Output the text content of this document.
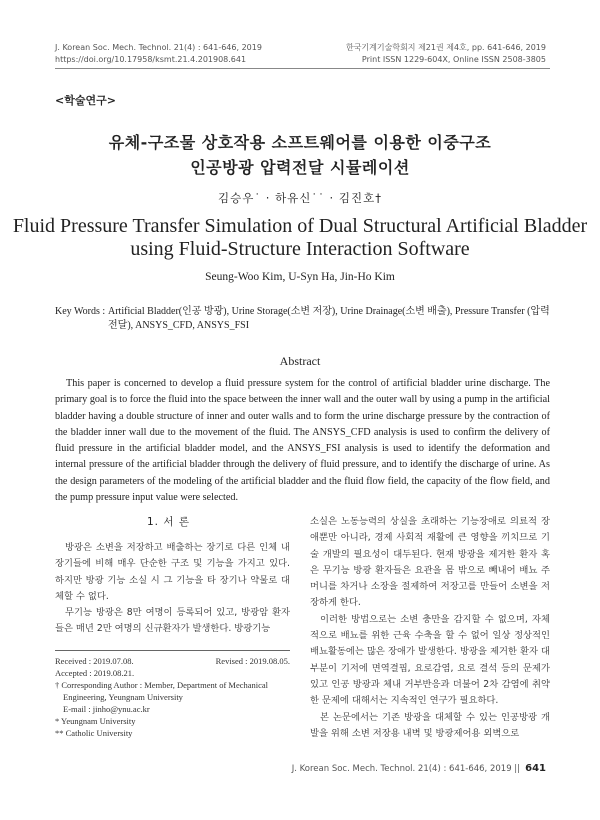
J. Korean Soc. Mech. Technol. 21(4) : 641-646, 2019
https://doi.org/10.17958/ksmt.21.4.201908.641
한국기계기술학회지 제21권 제4호, pp. 641-646, 2019
Print ISSN 1229-604X, Online ISSN 2508-3805
<학술연구>
유체-구조물 상호작용 소프트웨어를 이용한 이중구조
인공방광 압력전달 시뮬레이션
김승우˙ · 하유신˙˙ · 김진호†
Fluid Pressure Transfer Simulation of Dual Structural Artificial Bladder
using Fluid-Structure Interaction Software
Seung-Woo Kim, U-Syn Ha, Jin-Ho Kim
Key Words : Artificial Bladder(인공 방광), Urine Storage(소변 저장), Urine Drainage(소변 배출), Pressure Transfer (압력 전달), ANSYS_CFD, ANSYS_FSI
Abstract
This paper is concerned to develop a fluid pressure system for the control of artificial bladder urine discharge. The primary goal is to force the fluid into the space between the inner wall and the outer wall by using a pump in the artificial bladder having a double structure of inner and outer walls and to form the urine discharge pressure by the contraction of the bladder inner wall due to the movement of the fluid. The ANSYS_CFD analysis is used to confirm the delivery of fluid pressure in the artificial bladder model, and the ANSYS_FSI analysis is used to identify the deformation and internal pressure of the artificial bladder through the delivery of fluid pressure, and to identify the discharge of urine. As the design parameters of the modeling of the artificial bladder and the fluid flow field, the capacity of the flow field, and the pump pressure input value were selected.
1. 서 론
방광은 소변을 저장하고 배출하는 장기로 다른 인체 내 장기들에 비해 매우 단순한 구조 및 기능을 가지고 있다. 하지만 방광 기능 소실 시 그 기능을 타 장기나 약물로 대체할 수 없다.
무기능 방광은 8만 여명이 등록되어 있고, 방광암 환자들은 매년 2만 여명의 신규환자가 발생한다. 방광기능
Received : 2019.07.08.	Revised : 2019.08.05.
Accepted : 2019.08.21.
† Corresponding Author : Member, Department of Mechanical Engineering, Yeungnam University
E-mail : jinho@ynu.ac.kr
* Yeungnam University
** Catholic University
소실은 노동능력의 상실을 초래하는 기능장애로 의료적 장애뿐만 아니라, 경제 사회적 재활에 큰 영향을 끼치므로 기술 개발의 필요성이 대두된다. 현재 방광을 제거한 환자 혹은 무기능 방광 환자들은 요관을 몸 밖으로 빼내어 배뇨 주머니를 차거나 소장을 절제하여 저장고를 만들어 소변을 저장하게 한다.
이러한 방법으로는 소변 충만을 감지할 수 없으며, 자체적으로 배뇨를 위한 근육 수축을 할 수 없어 일상 정상적인 배뇨활동에는 많은 장애가 발생한다. 방광을 제거한 환자 대부분이 기저에 면역결핍, 요로감염, 요로 결석 등의 문제가 있고 인공 방광과 체내 거부반응과 더불어 2차 감염에 취약한 문제에 대해서는 지속적인 연구가 필요하다.
본 논문에서는 기존 방광을 대체할 수 있는 인공방광 개발을 위해 소변 저장용 내벽 및 방광제어용 외벽으로
J. Korean Soc. Mech. Technol. 21(4) : 641-646, 2019 || 641
